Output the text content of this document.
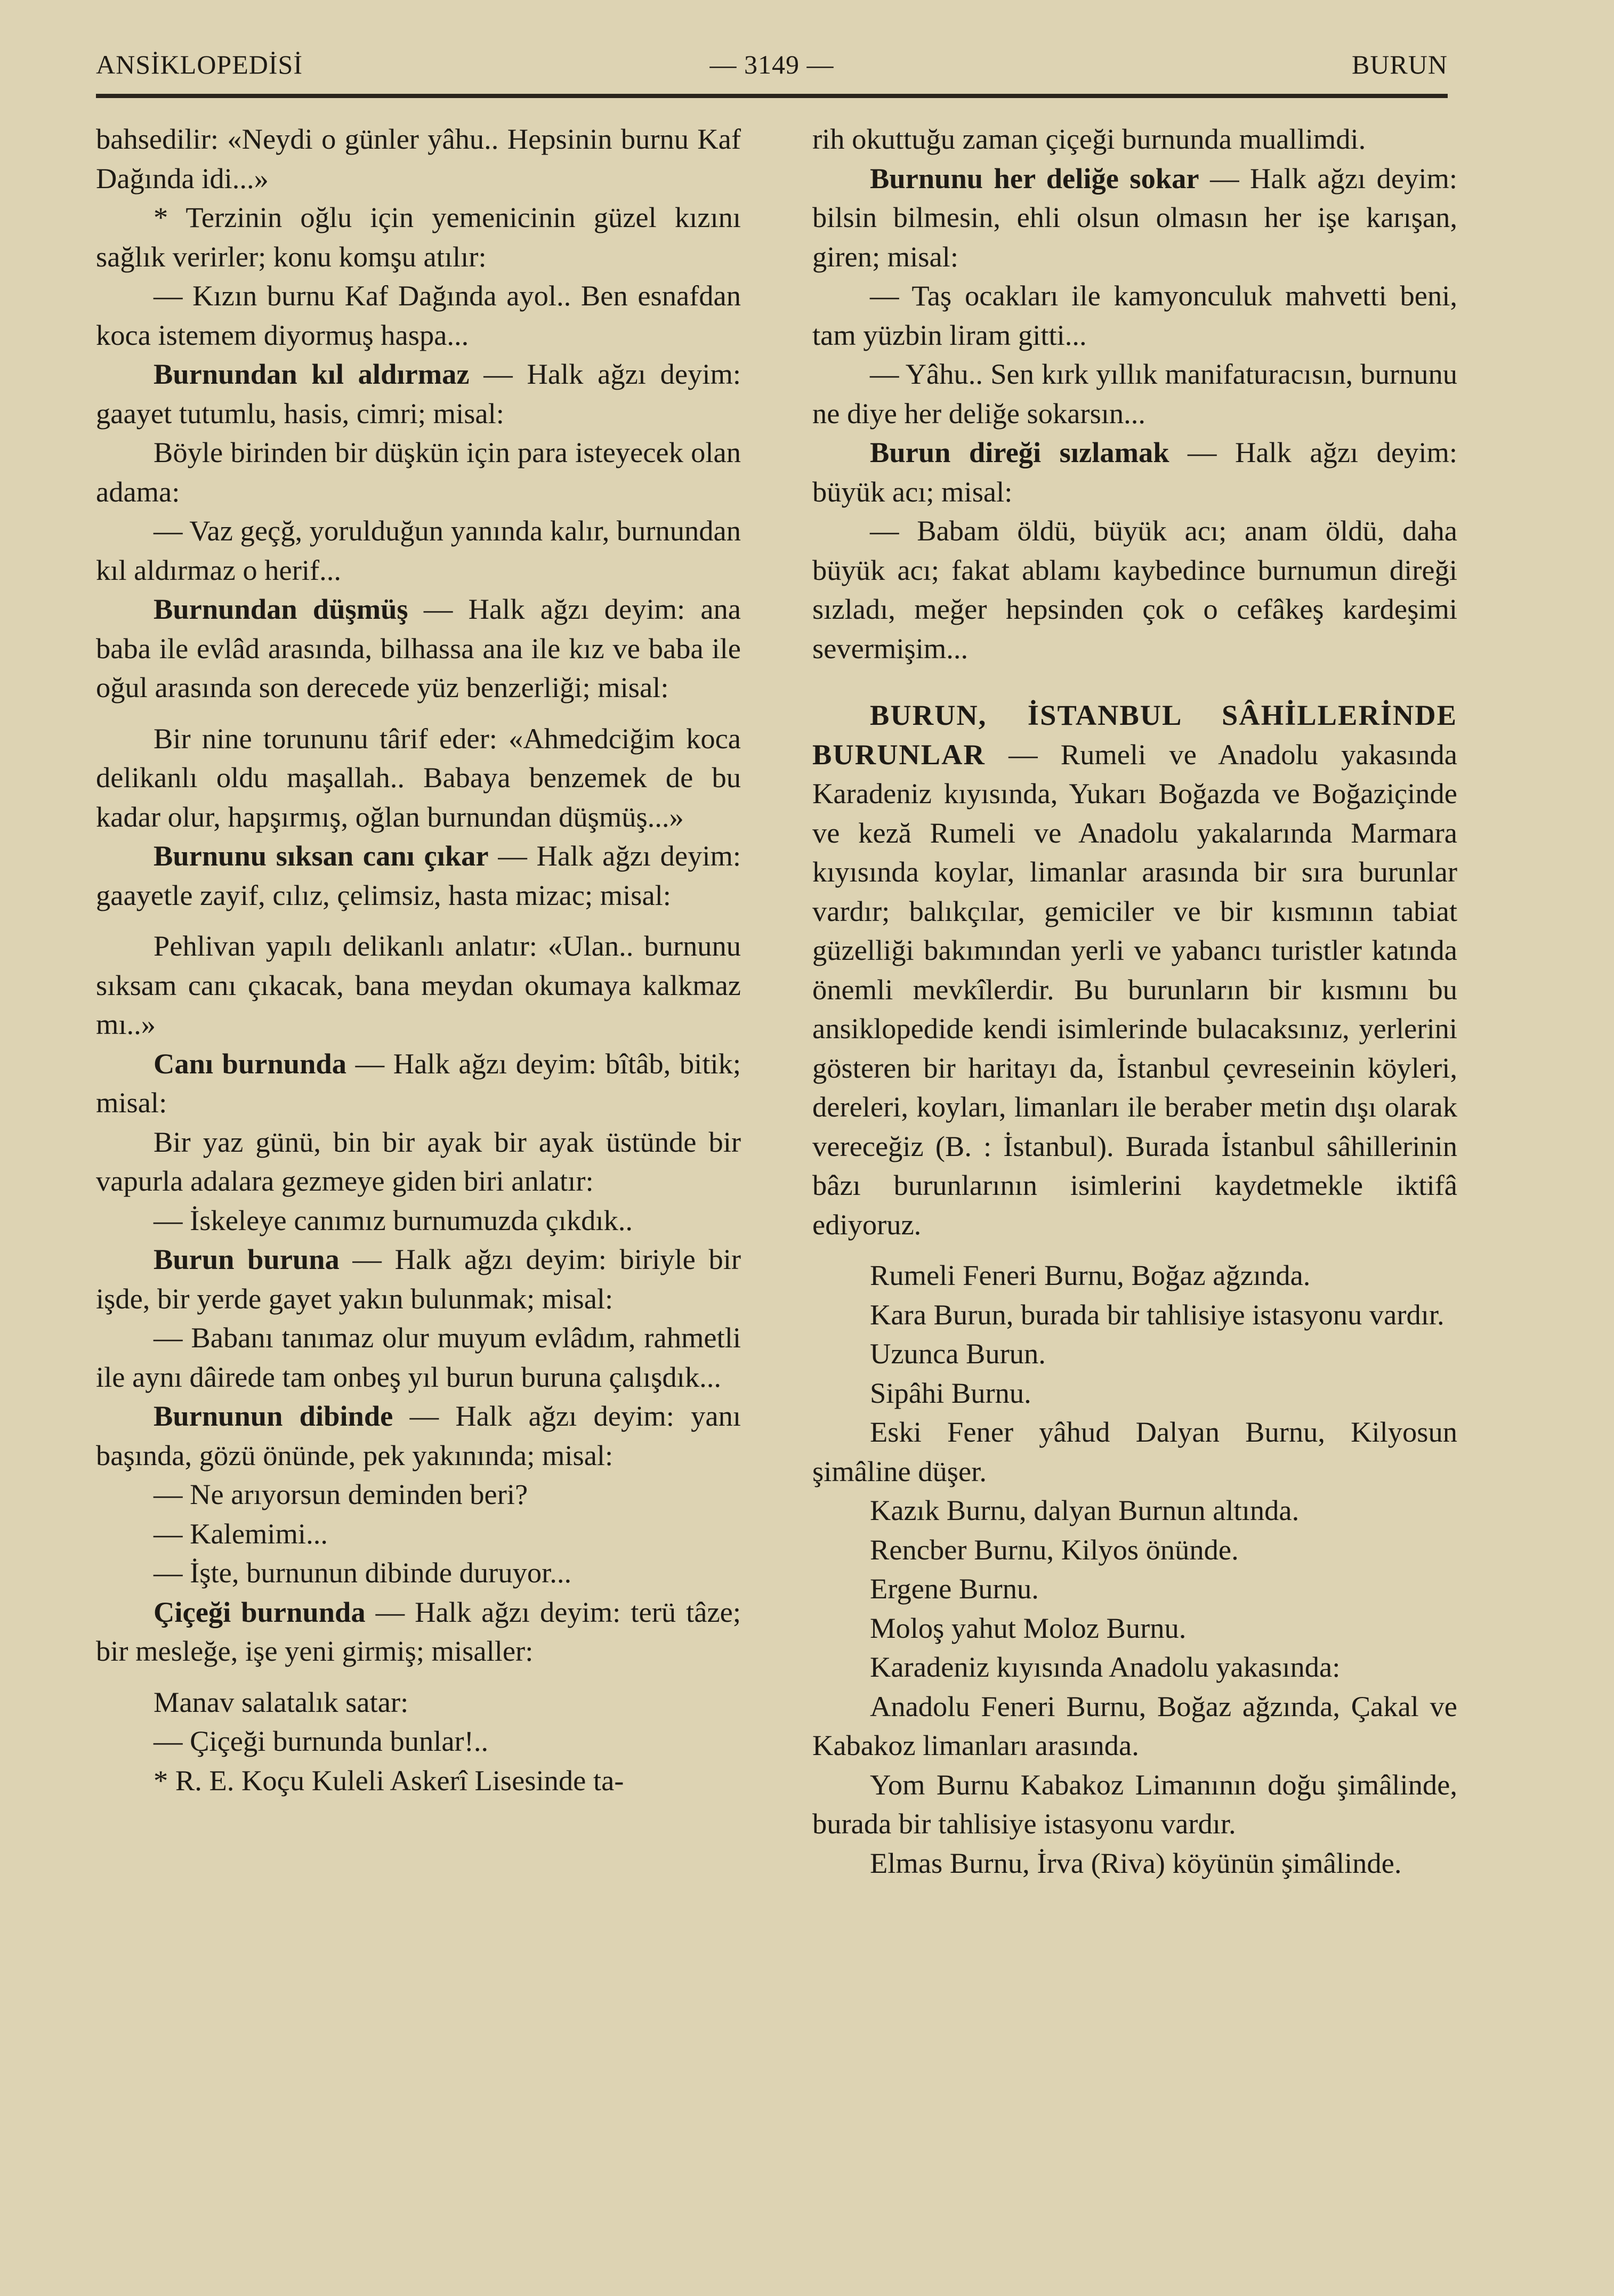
ANSİKLOPEDİSİ	— 3149 —	BURUN

bahsedilir: «Neydi o günler yâhu.. Hepsinin burnu Kaf Dağında idi...»

* Terzinin oğlu için yemenicinin güzel kızını sağlık verirler; konu komşu atılır:

— Kızın burnu Kaf Dağında ayol.. Ben esnafdan koca istemem diyormuş haspa...

Burnundan kıl aldırmaz — Halk ağzı deyim: gaayet tutumlu, hasis, cimri; misal:

Böyle birinden bir düşkün için para isteyecek olan adama:

— Vaz geçğ, yorulduğun yanında kalır, burnundan kıl aldırmaz o herif...

Burnundan düşmüş — Halk ağzı deyim: ana baba ile evlâd arasında, bilhassa ana ile kız ve baba ile oğul arasında son derecede yüz benzerliği; misal:

Bir nine torununu târif eder: «Ahmedciğim koca delikanlı oldu maşallah.. Babaya benzemek de bu kadar olur, hapşırmış, oğlan burnundan düşmüş...»

Burnunu sıksan canı çıkar — Halk ağzı deyim: gaayetle zayif, cılız, çelimsiz, hasta mizac; misal:

Pehlivan yapılı delikanlı anlatır: «Ulan.. burnunu sıksam canı çıkacak, bana meydan okumaya kalkmaz mı..»

Canı burnunda — Halk ağzı deyim: bîtâb, bitik; misal:

Bir yaz günü, bin bir ayak bir ayak üstünde bir vapurla adalara gezmeye giden biri anlatır:

— İskeleye canımız burnumuzda çıkdık..

Burun buruna — Halk ağzı deyim: biriyle bir işde, bir yerde gayet yakın bulunmak; misal:

— Babanı tanımaz olur muyum evlâdım, rahmetli ile aynı dâirede tam onbeş yıl burun buruna çalışdık...

Burnunun dibinde — Halk ağzı deyim: yanı başında, gözü önünde, pek yakınında; misal:

— Ne arıyorsun deminden beri?

— Kalemimi...

— İşte, burnunun dibinde duruyor...

Çiçeği burnunda — Halk ağzı deyim: terü tâze; bir mesleğe, işe yeni girmiş; misaller:

Manav salatalık satar:

— Çiçeği burnunda bunlar!..

* R. E. Koçu Kuleli Askerî Lisesinde ta-

rih okuttuğu zaman çiçeği burnunda muallimdi.

Burnunu her deliğe sokar — Halk ağzı deyim: bilsin bilmesin, ehli olsun olmasın her işe karışan, giren; misal:

— Taş ocakları ile kamyonculuk mahvetti beni, tam yüzbin liram gitti...

— Yâhu.. Sen kırk yıllık manifaturacısın, burnunu ne diye her deliğe sokarsın...

Burun direği sızlamak — Halk ağzı deyim: büyük acı; misal:

— Babam öldü, büyük acı; anam öldü, daha büyük acı; fakat ablamı kaybedince burnumun direği sızladı, meğer hepsinden çok o cefâkeş kardeşimi severmişim...

BURUN, İSTANBUL SÂHİLLERİNDE BURUNLAR — Rumeli ve Anadolu yakasında Karadeniz kıyısında, Yukarı Boğazda ve Boğaziçinde ve keză Rumeli ve Anadolu yakalarında Marmara kıyısında koylar, limanlar arasında bir sıra burunlar vardır; balıkçılar, gemiciler ve bir kısmının tabiat güzelliği bakımından yerli ve yabancı turistler katında önemli mevkîlerdir. Bu burunların bir kısmını bu ansiklopedide kendi isimlerinde bulacaksınız, yerlerini gösteren bir haritayı da, İstanbul çevreseinin köyleri, dereleri, koyları, limanları ile beraber metin dışı olarak vereceğiz (B. : İstanbul). Burada İstanbul sâhillerinin bâzı burunlarının isimlerini kaydetmekle iktifâ ediyoruz.

Rumeli Feneri Burnu, Boğaz ağzında.

Kara Burun, burada bir tahlisiye istasyonu vardır.

Uzunca Burun.

Sipâhi Burnu.

Eski Fener yâhud Dalyan Burnu, Kilyosun şimâline düşer.

Kazık Burnu, dalyan Burnun altında.

Rencber Burnu, Kilyos önünde.

Ergene Burnu.

Moloş yahut Moloz Burnu.

Karadeniz kıyısında Anadolu yakasında:

Anadolu Feneri Burnu, Boğaz ağzında, Çakal ve Kabakoz limanları arasında.

Yom Burnu Kabakoz Limanının doğu şimâlinde, burada bir tahlisiye istasyonu vardır.

Elmas Burnu, İrva (Riva) köyünün şimâlinde.
